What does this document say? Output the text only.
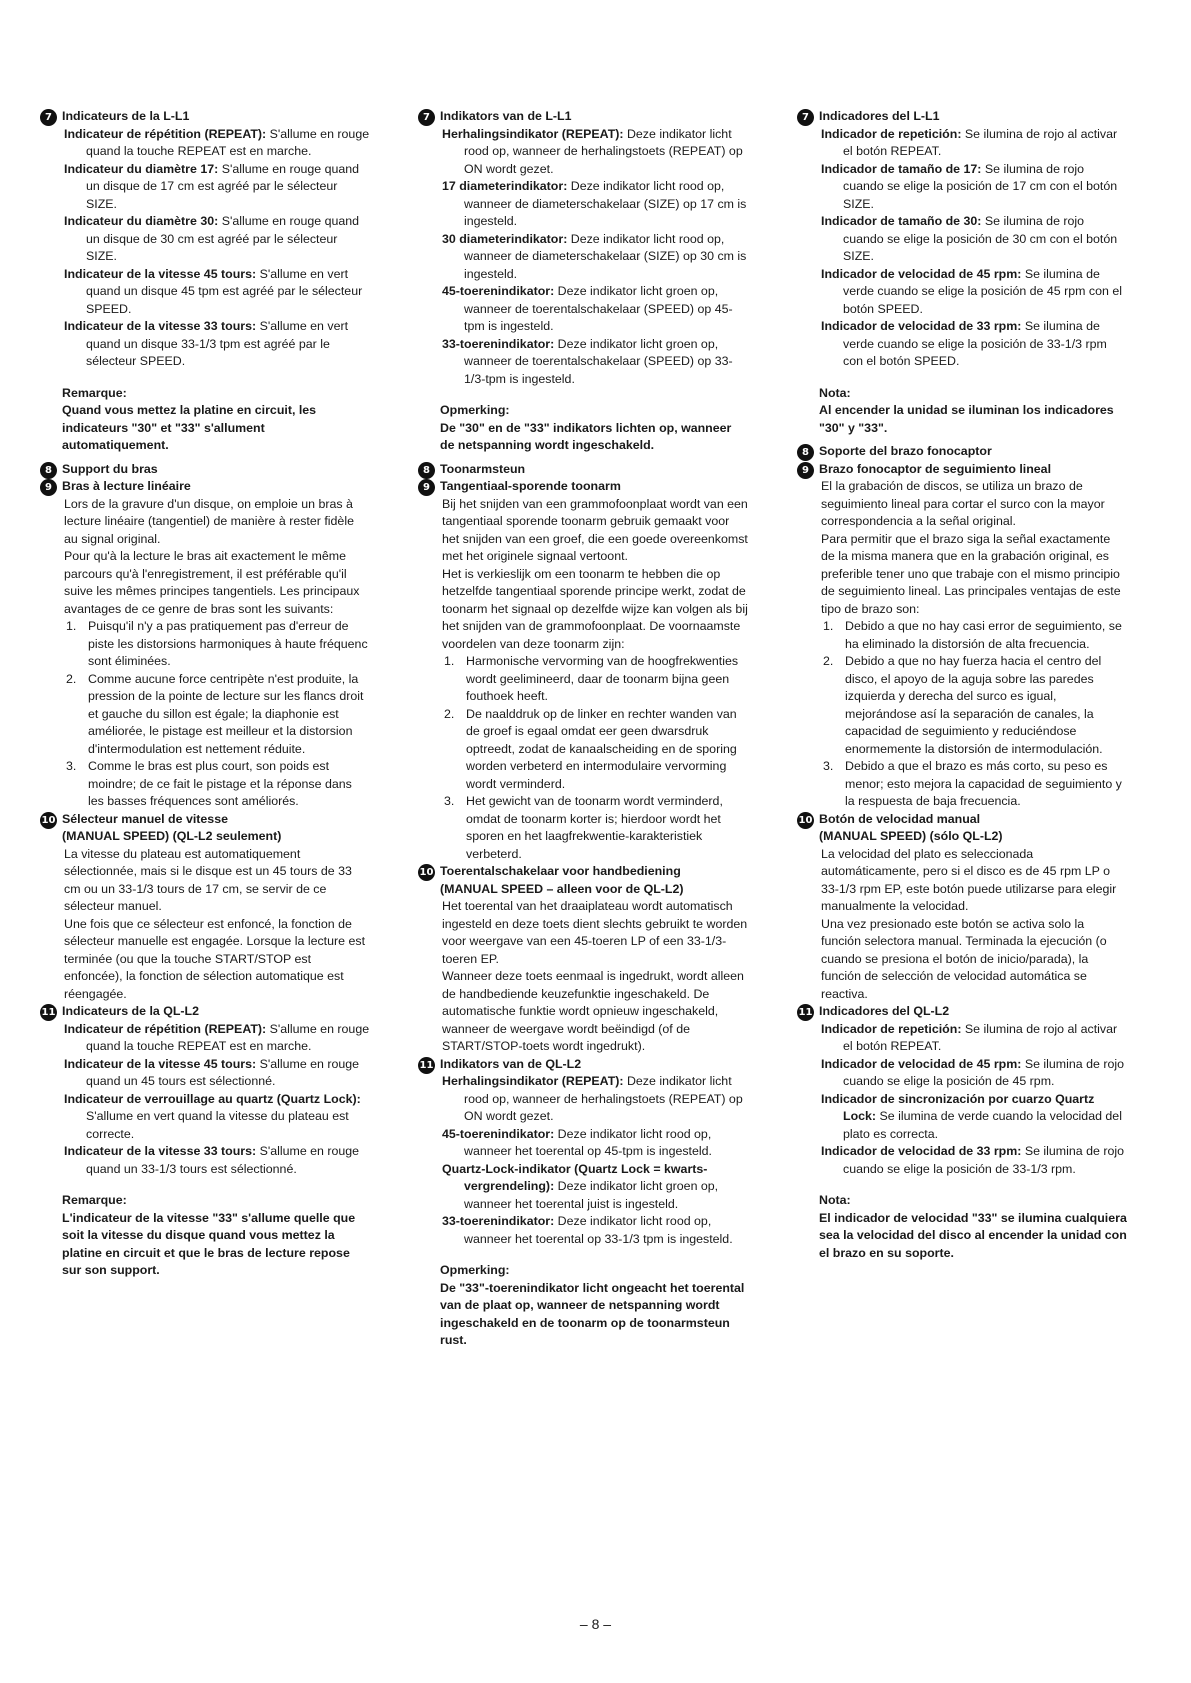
7 Indicateurs de la L-L1

Indicateur de répétition (REPEAT): S'allume en rouge quand la touche REPEAT est en marche.

Indicateur du diamètre 17: S'allume en rouge quand un disque de 17 cm est agréé par le sélecteur SIZE.

Indicateur du diamètre 30: S'allume en rouge quand un disque de 30 cm est agréé par le sélecteur SIZE.

Indicateur de la vitesse 45 tours: S'allume en vert quand un disque 45 tpm est agréé par le sélecteur SPEED.

Indicateur de la vitesse 33 tours: S'allume en vert quand un disque 33-1/3 tpm est agréé par le sélecteur SPEED.

Remarque:

Quand vous mettez la platine en circuit, les indicateurs "30" et "33" s'allument automatiquement.

8 Support du bras

9 Bras à lecture linéaire

Lors de la gravure d'un disque, on emploie un bras à lecture linéaire (tangentiel) de manière à rester fidèle au signal original.

Pour qu'à la lecture le bras ait exactement le même parcours qu'à l'enregistrement, il est préférable qu'il suive les mêmes principes tangentiels. Les principaux avantages de ce genre de bras sont les suivants:

1. Puisqu'il n'y a pas pratiquement pas d'erreur de piste les distorsions harmoniques à haute fréquenc sont éliminées.
2. Comme aucune force centripète n'est produite, la pression de la pointe de lecture sur les flancs droit et gauche du sillon est égale; la diaphonie est améliorée, le pistage est meilleur et la distorsion d'intermodulation est nettement réduite.
3. Comme le bras est plus court, son poids est moindre; de ce fait le pistage et la réponse dans les basses fréquences sont améliorés.
10 Sélecteur manuel de vitesse

(MANUAL SPEED) (QL-L2 seulement)

La vitesse du plateau est automatiquement sélectionnée, mais si le disque est un 45 tours de 33 cm ou un 33-1/3 tours de 17 cm, se servir de ce sélecteur manuel.

Une fois que ce sélecteur est enfoncé, la fonction de sélecteur manuelle est engagée. Lorsque la lecture est terminée (ou que la touche START/STOP est enfoncée), la fonction de sélection automatique est réengagée.

11 Indicateurs de la QL-L2

Indicateur de répétition (REPEAT): S'allume en rouge quand la touche REPEAT est en marche.

Indicateur de la vitesse 45 tours: S'allume en rouge quand un 45 tours est sélectionné.

Indicateur de verrouillage au quartz (Quartz Lock): S'allume en vert quand la vitesse du plateau est correcte.

Indicateur de la vitesse 33 tours: S'allume en rouge quand un 33-1/3 tours est sélectionné.

Remarque:

L'indicateur de la vitesse "33" s'allume quelle que soit la vitesse du disque quand vous mettez la platine en circuit et que le bras de lecture repose sur son support.

7 Indikators van de L-L1

Herhalingsindikator (REPEAT): Deze indikator licht rood op, wanneer de herhalingstoets (REPEAT) op ON wordt gezet.

17 diameterindikator: Deze indikator licht rood op, wanneer de diameterschakelaar (SIZE) op 17 cm is ingesteld.

30 diameterindikator: Deze indikator licht rood op, wanneer de diameterschakelaar (SIZE) op 30 cm is ingesteld.

45-toerenindikator: Deze indikator licht groen op, wanneer de toerentalschakelaar (SPEED) op 45-tpm is ingesteld.

33-toerenindikator: Deze indikator licht groen op, wanneer de toerentalschakelaar (SPEED) op 33-1/3-tpm is ingesteld.

Opmerking:

De "30" en de "33" indikators lichten op, wanneer de netspanning wordt ingeschakeld.

8 Toonarmsteun

9 Tangentiaal-sporende toonarm

Bij het snijden van een grammofoonplaat wordt van een tangentiaal sporende toonarm gebruik gemaakt voor het snijden van een groef, die een goede overeenkomst met het originele signaal vertoont.

Het is verkieslijk om een toonarm te hebben die op hetzelfde tangentiaal sporende principe werkt, zodat de toonarm het signaal op dezelfde wijze kan volgen als bij het snijden van de grammofoonplaat. De voornaamste voordelen van deze toonarm zijn:

1. Harmonische vervorming van de hoogfrekwenties wordt geelimineerd, daar de toonarm bijna geen fouthoek heeft.
2. De naalddruk op de linker en rechter wanden van de groef is egaal omdat eer geen dwarsdruk optreedt, zodat de kanaalscheiding en de sporing worden verbeterd en intermodulaire vervorming wordt verminderd.
3. Het gewicht van de toonarm wordt verminderd, omdat de toonarm korter is; hierdoor wordt het sporen en het laagfrekwentie-karakteristiek verbeterd.
10 Toerentalschakelaar voor handbediening

(MANUAL SPEED – alleen voor de QL-L2)

Het toerental van het draaiplateau wordt automatisch ingesteld en deze toets dient slechts gebruikt te worden voor weergave van een 45-toeren LP of een 33-1/3-toeren EP.

Wanneer deze toets eenmaal is ingedrukt, wordt alleen de handbediende keuzefunktie ingeschakeld. De automatische funktie wordt opnieuw ingeschakeld, wanneer de weergave wordt beëindigd (of de START/STOP-toets wordt ingedrukt).

11 Indikators van de QL-L2

Herhalingsindikator (REPEAT): Deze indikator licht rood op, wanneer de herhalingstoets (REPEAT) op ON wordt gezet.

45-toerenindikator: Deze indikator licht rood op, wanneer het toerental op 45-tpm is ingesteld.

Quartz-Lock-indikator (Quartz Lock = kwarts-vergrendeling): Deze indikator licht groen op, wanneer het toerental juist is ingesteld.

33-toerenindikator: Deze indikator licht rood op, wanneer het toerental op 33-1/3 tpm is ingesteld.

Opmerking:

De "33"-toerenindikator licht ongeacht het toerental van de plaat op, wanneer de netspanning wordt ingeschakeld en de toonarm op de toonarmsteun rust.

7 Indicadores del L-L1

Indicador de repetición: Se ilumina de rojo al activar el botón REPEAT.

Indicador de tamaño de 17: Se ilumina de rojo cuando se elige la posición de 17 cm con el botón SIZE.

Indicador de tamaño de 30: Se ilumina de rojo cuando se elige la posición de 30 cm con el botón SIZE.

Indicador de velocidad de 45 rpm: Se ilumina de verde cuando se elige la posición de 45 rpm con el botón SPEED.

Indicador de velocidad de 33 rpm: Se ilumina de verde cuando se elige la posición de 33-1/3 rpm con el botón SPEED.

Nota:

Al encender la unidad se iluminan los indicadores "30" y "33".

8 Soporte del brazo fonocaptor

9 Brazo fonocaptor de seguimiento lineal

El la grabación de discos, se utiliza un brazo de seguimiento lineal para cortar el surco con la mayor correspondencia a la señal original.

Para permitir que el brazo siga la señal exactamente de la misma manera que en la grabación original, es preferible tener uno que trabaje con el mismo principio de seguimiento lineal. Las principales ventajas de este tipo de brazo son:

1. Debido a que no hay casi error de seguimiento, se ha eliminado la distorsión de alta frecuencia.
2. Debido a que no hay fuerza hacia el centro del disco, el apoyo de la aguja sobre las paredes izquierda y derecha del surco es igual, mejorándose así la separación de canales, la capacidad de seguimiento y reduciéndose enormemente la distorsión de intermodulación.
3. Debido a que el brazo es más corto, su peso es menor; esto mejora la capacidad de seguimiento y la respuesta de baja frecuencia.
10 Botón de velocidad manual

(MANUAL SPEED) (sólo QL-L2)

La velocidad del plato es seleccionada automáticamente, pero si el disco es de 45 rpm LP o 33-1/3 rpm EP, este botón puede utilizarse para elegir manualmente la velocidad.

Una vez presionado este botón se activa solo la función selectora manual. Terminada la ejecución (o cuando se presiona el botón de inicio/parada), la función de selección de velocidad automática se reactiva.

11 Indicadores del QL-L2

Indicador de repetición: Se ilumina de rojo al activar el botón REPEAT.

Indicador de velocidad de 45 rpm: Se ilumina de rojo cuando se elige la posición de 45 rpm.

Indicador de sincronización por cuarzo Quartz Lock: Se ilumina de verde cuando la velocidad del plato es correcta.

Indicador de velocidad de 33 rpm: Se ilumina de rojo cuando se elige la posición de 33-1/3 rpm.

Nota:

El indicador de velocidad "33" se ilumina cualquiera sea la velocidad del disco al encender la unidad con el brazo en su soporte.

– 8 –
